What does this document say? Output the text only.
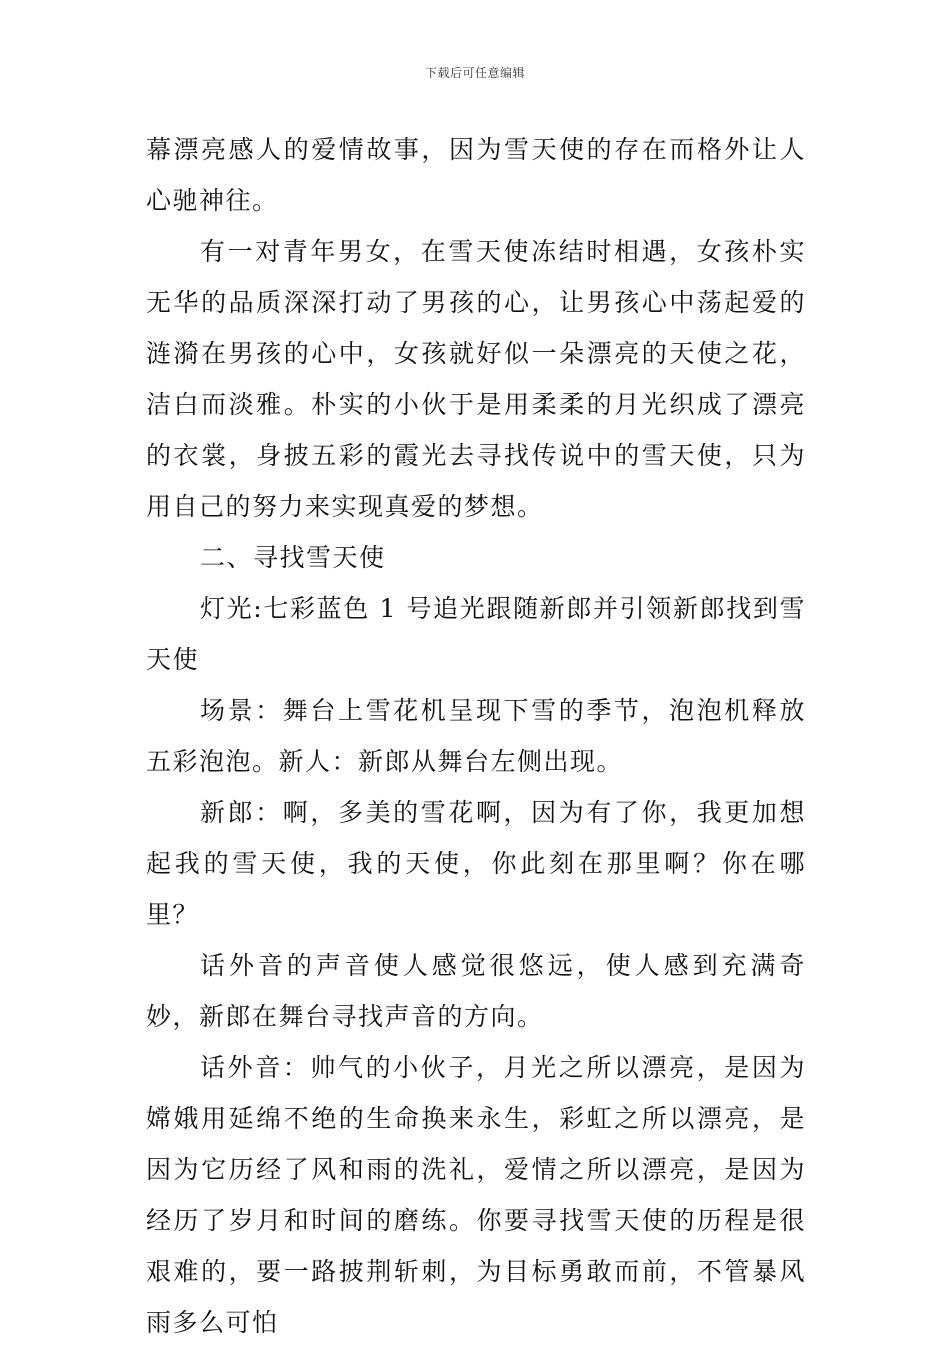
下载后可任意编辑

幕漂亮感人的爱情故事，因为雪天使的存在而格外让人心驰神往。

有一对青年男女，在雪天使冻结时相遇，女孩朴实无华的品质深深打动了男孩的心，让男孩心中荡起爱的涟漪在男孩的心中，女孩就好似一朵漂亮的天使之花，洁白而淡雅。朴实的小伙于是用柔柔的月光织成了漂亮的衣裳，身披五彩的霞光去寻找传说中的雪天使，只为用自己的努力来实现真爱的梦想。

二、寻找雪天使

灯光:七彩蓝色 1 号追光跟随新郎并引领新郎找到雪天使

场景：舞台上雪花机呈现下雪的季节，泡泡机释放五彩泡泡。新人：新郎从舞台左侧出现。

新郎：啊，多美的雪花啊，因为有了你，我更加想起我的雪天使，我的天使，你此刻在那里啊？你在哪里？

话外音的声音使人感觉很悠远，使人感到充满奇妙，新郎在舞台寻找声音的方向。

话外音：帅气的小伙子，月光之所以漂亮，是因为嫦娥用延绵不绝的生命换来永生，彩虹之所以漂亮，是因为它历经了风和雨的洗礼，爱情之所以漂亮，是因为经历了岁月和时间的磨练。你要寻找雪天使的历程是很艰难的，要一路披荆斩刺，为目标勇敢而前，不管暴风雨多么可怕
